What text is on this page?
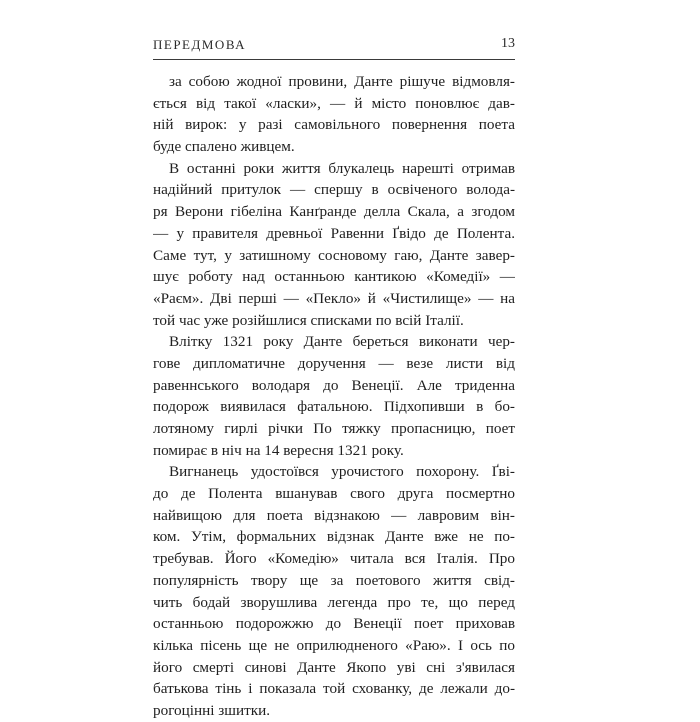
ПЕРЕДМОВА	13
за собою жодної провини, Данте рішуче відмовля-
ється від такої «ласки», — й місто поновлює дав-
ній вирок: у разі самовільного повернення поета
буде спалено живцем.
В останні роки життя блукалець нарешті отримав
надійний притулок — спершу в освіченого волода-
ря Верони гібеліна Канґранде делла Скала, а згодом
— у правителя древньої Равенни Ґвідо де Полента.
Саме тут, у затишному сосновому гаю, Данте завер-
шує роботу над останньою кантикою «Комедії» —
«Раєм». Дві перші — «Пекло» й «Чистилище» — на
той час уже розійшлися списками по всій Італії.
Влітку 1321 року Данте береться виконати чер-
гове дипломатичне доручення — везе листи від
равеннського володаря до Венеції. Але триденна
подорож виявилася фатальною. Підхопивши в бо-
лотяному гирлі річки По тяжку пропасницю, поет
помирає в ніч на 14 вересня 1321 року.
Вигнанець удостоївся урочистого похорону. Ґві-
до де Полента вшанував свого друга посмертно
найвищою для поета відзнакою — лавровим він-
ком. Утім, формальних відзнак Данте вже не по-
требував. Його «Комедію» читала вся Італія. Про
популярність твору ще за поетового життя свід-
чить бодай зворушлива легенда про те, що перед
останньою подорожжю до Венеції поет приховав
кілька пісень ще не оприлюдненого «Раю». І ось по
його смерті синові Данте Якопо уві сні з'явилася
батькова тінь і показала той схованку, де лежали до-
рогоцінні зшитки.
